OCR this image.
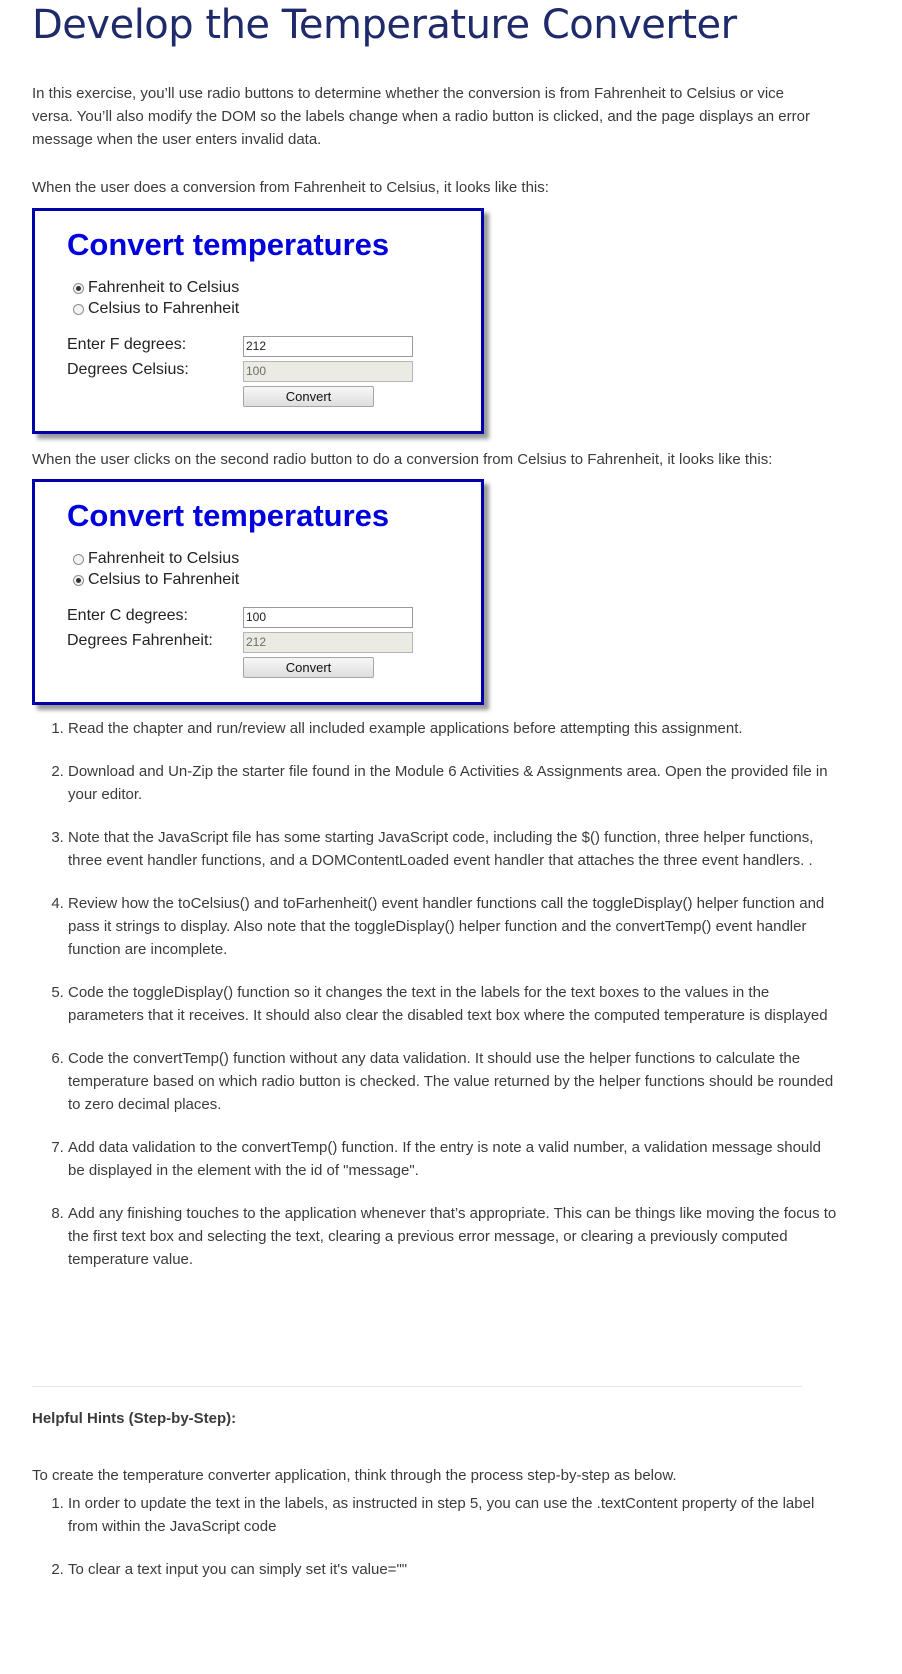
Develop the Temperature Converter

In this exercise, you’ll use radio buttons to determine whether the conversion is from Fahrenheit to Celsius or vice versa. You’ll also modify the DOM so the labels change when a radio button is clicked, and the page displays an error message when the user enters invalid data.

When the user does a conversion from Fahrenheit to Celsius, it looks like this:

Convert temperatures
Fahrenheit to Celsius
Celsius to Fahrenheit
Enter F degrees:	212
Degrees Celsius:	100
Convert

When the user clicks on the second radio button to do a conversion from Celsius to Fahrenheit, it looks like this:

Convert temperatures
Fahrenheit to Celsius
Celsius to Fahrenheit
Enter C degrees:	100
Degrees Fahrenheit:	212
Convert
1. Read the chapter and run/review all included example applications before attempting this assignment.
2. Download and Un-Zip the starter file found in the Module 6 Activities & Assignments area. Open the provided file in your editor.
3. Note that the JavaScript file has some starting JavaScript code, including the $() function, three helper functions, three event handler functions, and a DOMContentLoaded event handler that attaches the three event handlers. .
4. Review how the toCelsius() and toFarhenheit() event handler functions call the toggleDisplay() helper function and pass it strings to display. Also note that the toggleDisplay() helper function and the convertTemp() event handler function are incomplete.
5. Code the toggleDisplay() function so it changes the text in the labels for the text boxes to the values in the parameters that it receives. It should also clear the disabled text box where the computed temperature is displayed
6. Code the convertTemp() function without any data validation. It should use the helper functions to calculate the temperature based on which radio button is checked. The value returned by the helper functions should be rounded to zero decimal places.
7. Add data validation to the convertTemp() function. If the entry is note a valid number, a validation message should be displayed in the element with the id of "message".
8. Add any finishing touches to the application whenever that’s appropriate. This can be things like moving the focus to the first text box and selecting the text, clearing a previous error message, or clearing a previously computed temperature value.

Helpful Hints (Step-by-Step):

To create the temperature converter application, think through the process step-by-step as below.

1. In order to update the text in the labels, as instructed in step 5, you can use the .textContent property of the label from within the JavaScript code
2. To clear a text input you can simply set it's value=""
